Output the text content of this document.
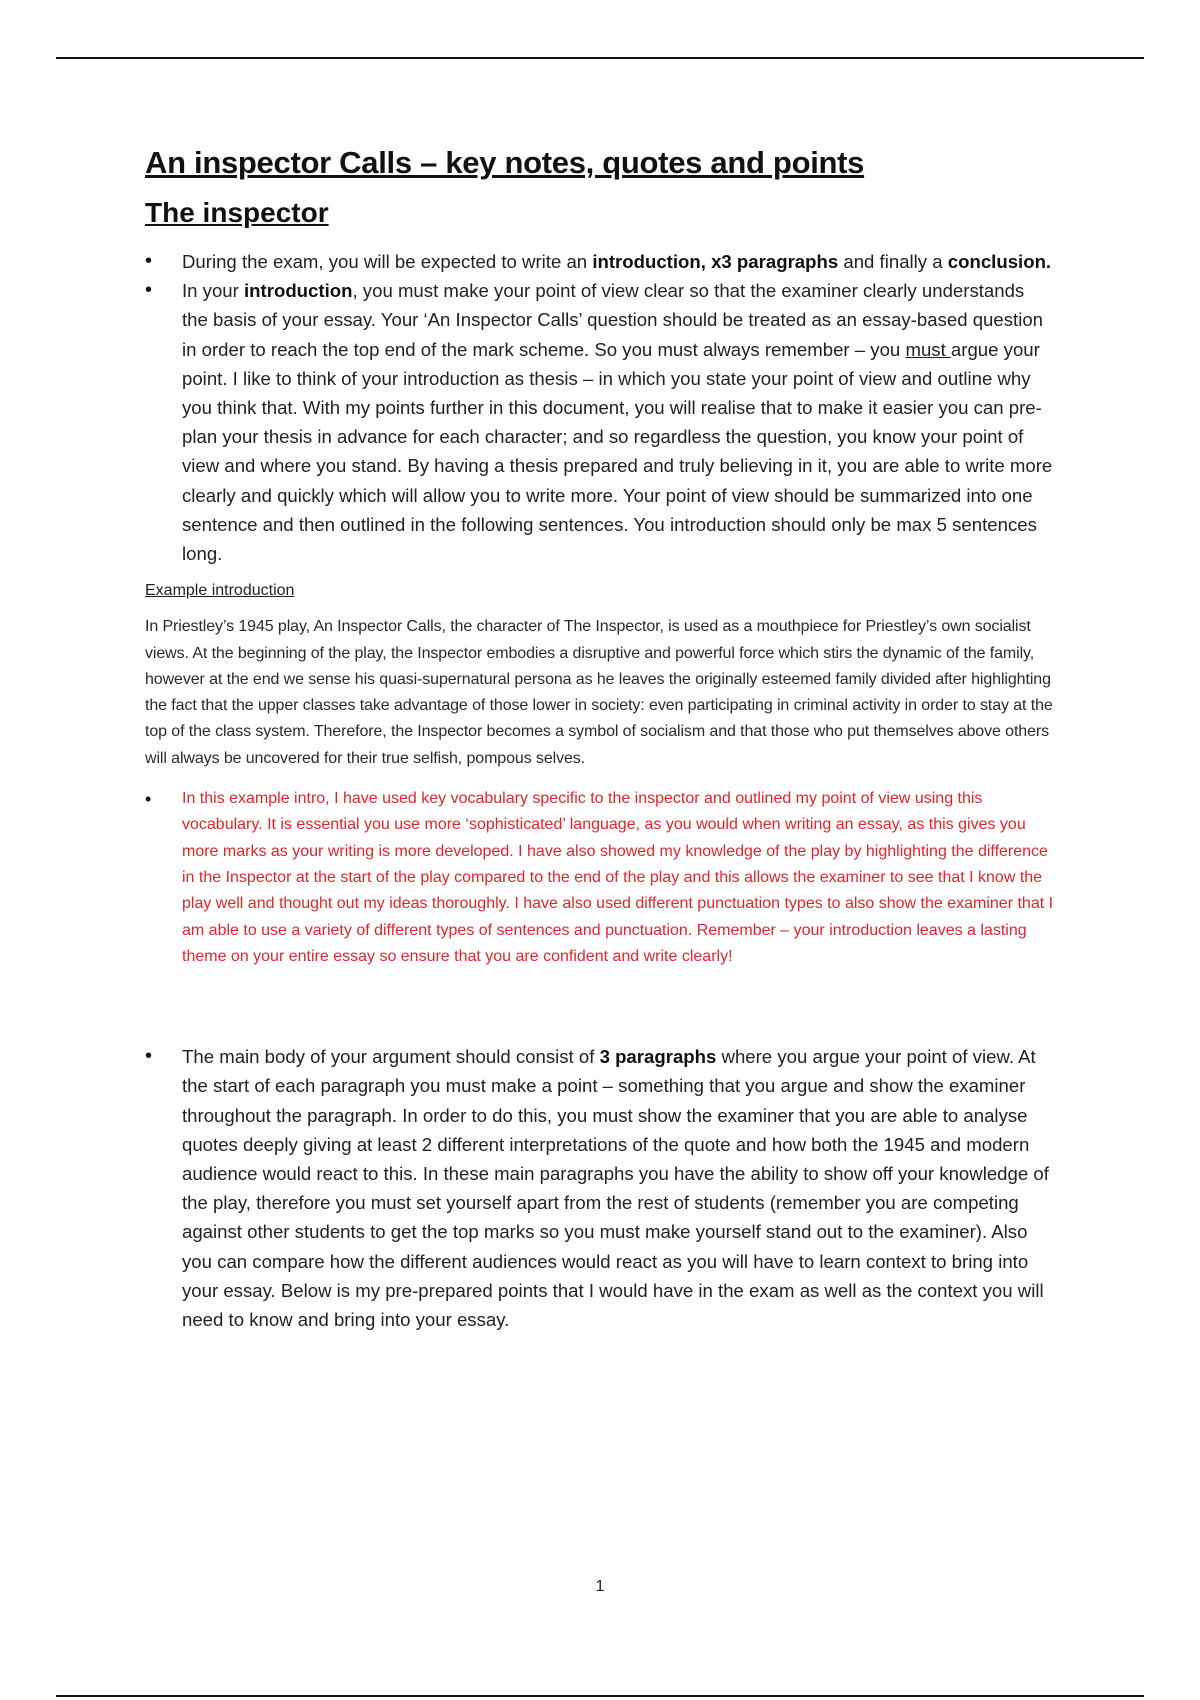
An inspector Calls – key notes, quotes and points
The inspector
• During the exam, you will be expected to write an introduction, x3 paragraphs and finally a conclusion.
• In your introduction, you must make your point of view clear so that the examiner clearly understands the basis of your essay. Your ‘An Inspector Calls’ question should be treated as an essay-based question in order to reach the top end of the mark scheme. So you must always remember – you must argue your point. I like to think of your introduction as thesis – in which you state your point of view and outline why you think that. With my points further in this document, you will realise that to make it easier you can pre-plan your thesis in advance for each character; and so regardless the question, you know your point of view and where you stand. By having a thesis prepared and truly believing in it, you are able to write more clearly and quickly which will allow you to write more. Your point of view should be summarized into one sentence and then outlined in the following sentences. You introduction should only be max 5 sentences long.
Example introduction

In Priestley’s 1945 play, An Inspector Calls, the character of The Inspector, is used as a mouthpiece for Priestley’s own socialist views. At the beginning of the play, the Inspector embodies a disruptive and powerful force which stirs the dynamic of the family, however at the end we sense his quasi-supernatural persona as he leaves the originally esteemed family divided after highlighting the fact that the upper classes take advantage of those lower in society: even participating in criminal activity in order to stay at the top of the class system. Therefore, the Inspector becomes a symbol of socialism and that those who put themselves above others will always be uncovered for their true selfish, pompous selves.

• In this example intro, I have used key vocabulary specific to the inspector and outlined my point of view using this vocabulary. It is essential you use more ‘sophisticated’ language, as you would when writing an essay, as this gives you more marks as your writing is more developed. I have also showed my knowledge of the play by highlighting the difference in the Inspector at the start of the play compared to the end of the play and this allows the examiner to see that I know the play well and thought out my ideas thoroughly. I have also used different punctuation types to also show the examiner that I am able to use a variety of different types of sentences and punctuation. Remember – your introduction leaves a lasting theme on your entire essay so ensure that you are confident and write clearly!
• The main body of your argument should consist of 3 paragraphs where you argue your point of view. At the start of each paragraph you must make a point – something that you argue and show the examiner throughout the paragraph. In order to do this, you must show the examiner that you are able to analyse quotes deeply giving at least 2 different interpretations of the quote and how both the 1945 and modern audience would react to this. In these main paragraphs you have the ability to show off your knowledge of the play, therefore you must set yourself apart from the rest of students (remember you are competing against other students to get the top marks so you must make yourself stand out to the examiner). Also you can compare how the different audiences would react as you will have to learn context to bring into your essay. Below is my pre-prepared points that I would have in the exam as well as the context you will need to know and bring into your essay.
1
